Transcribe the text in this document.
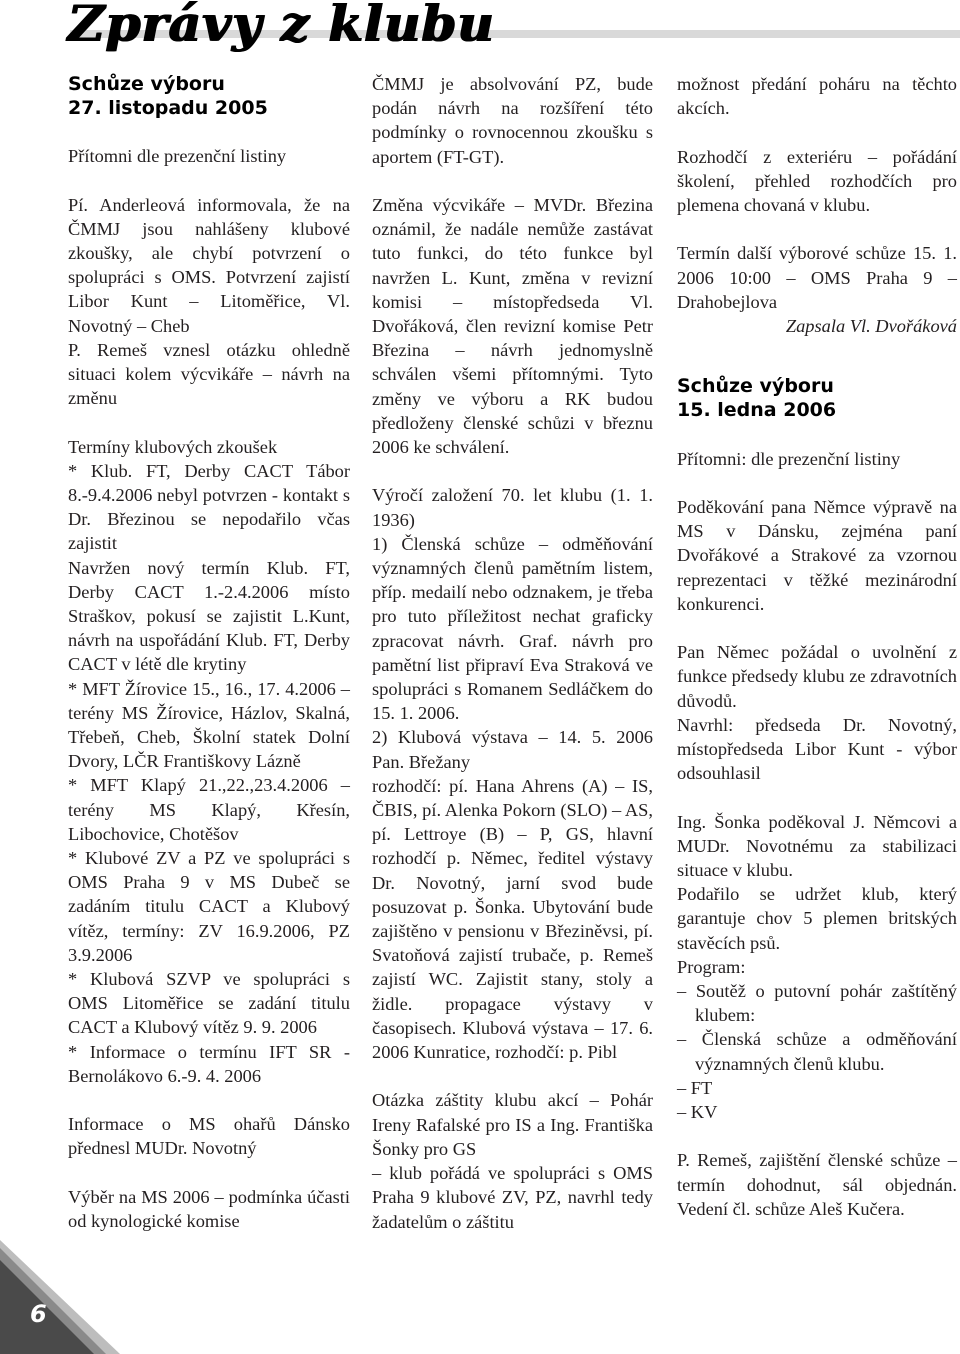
Zprávy z klubu
Schůze výboru
27. listopadu 2005

Přítomni dle prezenční listiny

Pí. Anderleová informovala, že na ČMMJ jsou nahlášeny klubové zkoušky, ale chybí potvrzení o spolupráci s OMS. Potvrzení zajistí Libor Kunt – Litoměřice, Vl. Novotný – Cheb

P. Remeš vznesl otázku ohledně situaci kolem výcvikáře – návrh na změnu

Termíny klubových zkoušek

* Klub. FT, Derby CACT Tábor 8.-9.4.2006 nebyl potvrzen - kontakt s Dr. Březinou se nepodařilo včas zajistit

Navržen nový termín Klub. FT, Derby CACT 1.-2.4.2006 místo Straškov, pokusí se zajistit L.Kunt, návrh na uspořádání Klub. FT, Derby CACT v létě dle krytiny

* MFT Žírovice 15., 16., 17. 4.2006 – terény MS Žírovice, Házlov, Skalná, Třebeň, Cheb, Školní statek Dolní Dvory, LČR Františkovy Lázně

* MFT Klapý 21.,22.,23.4.2006 – terény MS Klapý, Křesín, Libochovice, Chotěšov

* Klubové ZV a PZ ve spolupráci s OMS Praha 9 v MS Dubeč se zadáním titulu CACT a Klubový vítěz, termíny: ZV 16.9.2006, PZ 3.9.2006

* Klubová SZVP ve spolupráci s OMS Litoměřice se zadání titulu CACT a Klubový vítěz 9. 9. 2006

* Informace o termínu IFT SR - Bernolákovo 6.-9. 4. 2006

Informace o MS ohařů Dánsko přednesl MUDr. Novotný

Výběr na MS 2006 – podmínka účasti od kynologické komise

ČMMJ je absolvování PZ, bude podán návrh na rozšíření této podmínky o rovnocennou zkoušku s aportem (FT-GT).

Změna výcvikáře – MVDr. Březina oznámil, že nadále nemůže zastávat tuto funkci, do této funkce byl navržen L. Kunt, změna v revizní komisi – místopředseda Vl. Dvořáková, člen revizní komise Petr Březina – návrh jednomyslně schválen všemi přítomnými. Tyto změny ve výboru a RK budou předloženy členské schůzi v březnu 2006 ke schválení.

Výročí založení 70. let klubu (1. 1. 1936)

1) Členská schůze – odměňování významných členů pamětním listem, příp. medailí nebo odznakem, je třeba pro tuto příležitost nechat graficky zpracovat návrh. Graf. návrh pro pamětní list připraví Eva Straková ve spolupráci s Romanem Sedláčkem do 15. 1. 2006.

2) Klubová výstava – 14. 5. 2006 Pan. Břežany

rozhodčí: pí. Hana Ahrens (A) – IS, ČBIS, pí. Alenka Pokorn (SLO) – AS, pí. Lettroye (B) – P, GS, hlavní rozhodčí p. Němec, ředitel výstavy Dr. Novotný, jarní svod bude posuzovat p. Šonka. Ubytování bude zajištěno v pensionu v Březiněvsi, pí. Svatoňová zajistí trubače, p. Remeš zajistí WC. Zajistit stany, stoly a židle. propagace výstavy v časopisech. Klubová výstava – 17. 6. 2006 Kunratice, rozhodčí: p. Pibl

Otázka záštity klubu akcí – Pohár Ireny Rafalské pro IS a Ing. Františka Šonky pro GS

– klub pořádá ve spolupráci s OMS Praha 9 klubové ZV, PZ, navrhl tedy žadatelům o záštitu

možnost předání poháru na těchto akcích.

Rozhodčí z exteriéru – pořádání školení, přehled rozhodčích pro plemena chovaná v klubu.

Termín další výborové schůze 15. 1. 2006 10:00 – OMS Praha 9 – Drahobejlova

Zapsala Vl. Dvořáková

Schůze výboru
15. ledna 2006

Přítomni: dle prezenční listiny

Poděkování pana Němce výpravě na MS v Dánsku, zejména paní Dvořákové a Strakové za vzornou reprezentaci v těžké mezinárodní konkurenci.

Pan Němec požádal o uvolnění z funkce předsedy klubu ze zdravotních důvodů.

Navrhl: předseda Dr. Novotný, místopředseda Libor Kunt - výbor odsouhlasil

Ing. Šonka poděkoval J. Němcovi a MUDr. Novotnému za stabilizaci situace v klubu.

Podařilo se udržet klub, který garantuje chov 5 plemen britských stavěcích psů.

Program:

– Soutěž o putovní pohár zaštítěný klubem:

– Členská schůze a odměňování významných členů klubu.

– FT

– KV

P. Remeš, zajištění členské schůze – termín dohodnut, sál objednán. Vedení čl. schůze Aleš Kučera.

6
